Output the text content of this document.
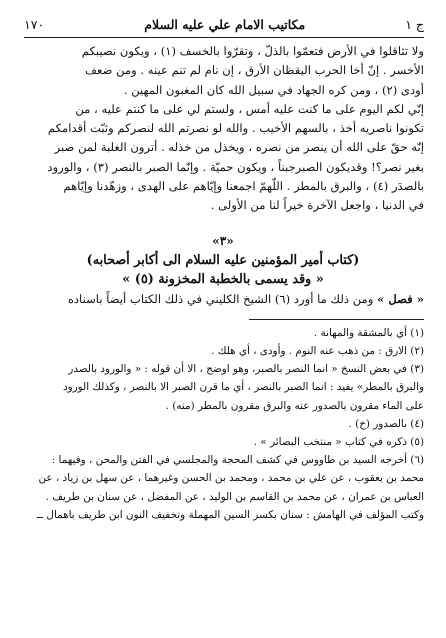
ج ١
مكاتيب الامام علي عليه السلام
١٧٠

ولا تثاقلوا في الأرض فتعمّوا بالذلّ ، وتقرّوا بالخسف (١) ، ويكون نصيبكم

الأخسر . إنّ أخا الحرب اليقظان الأرق ، إن نام لم تنم عينه . ومن ضعف

أودى (٢) ، ومن كره الجهاد في سبيل الله كان المغبون المهين .

إنّي لكم اليوم على ما كنت عليه أمس ، ولستم لي على ما كنتم عليه ، من

تكونوا ناصريه أخذ ، بالسهم الأخيب . والله لو نصرتم الله لنصركم وثبّت أقدامكم

إنّه حقّ على الله أن ينصر من نصره ، ويخذل من خذله . أترون الغلبة لمن صبر

بغير نصر؟! وقديكون الصبرجبناً ، ويكون حميّة . وإنّما الصبر بالنصر (٣) ، والورود

بالصدَر (٤) ، والبرق بالمطر . اللّهمّ اجمعنا وإيّاهم على الهدى ، وزهّدنا وإيّاهم

في الدنيا ، واجعل الآخرة خيراً لنا من الأولى .

«٣»

(كتاب أمير المؤمنين عليه السلام الى أكابر أصحابه)

« وقد يسمى بالخطبة المخزونة (٥) »

« فصل » ومن ذلك ما أورد (٦) الشيخ الكليني في ذلك الكتاب أيضاً باسناده

(١) أي بالمشقة والمهانة .

(٢) الارق : من ذهب عنه النوم . وأودى ، أي هلك .

(٣) في بعض النسخ « انما النصر بالصبر، وهو اوضح ، الا أن قوله : « والورود بالصدر

والبرق بالمطر» يفيد : انما الصبر بالنصر ، أي ما قرن الصبر الا بالنصر ، وكذلك الورود

على الماء مقرون بالصدور عنه والبرق مقرون بالمطر (منه) .

(٤) بالصدور (خ) .

(٥) ذكره في كتاب « منتخب البصائر » .

(٦) أخرجه السيد بن طاووس في كشف المحجة والمجلسي في الفتن والمحن ، وفيهما :

محمد بن يعقوب ، عن علي بن محمد ، ومحمد بن الحسن وغيرهما ، عن سهل بن زياد ، عن

العباس بن عمران ، عن محمد بن القاسم بن الوليد ، عن المفضل ، عن سنان بن طريف .

وكتب المؤلف في الهامش : سنان بكسر السين المهملة وتخفيف النون ابن طريف باهمال ــ
